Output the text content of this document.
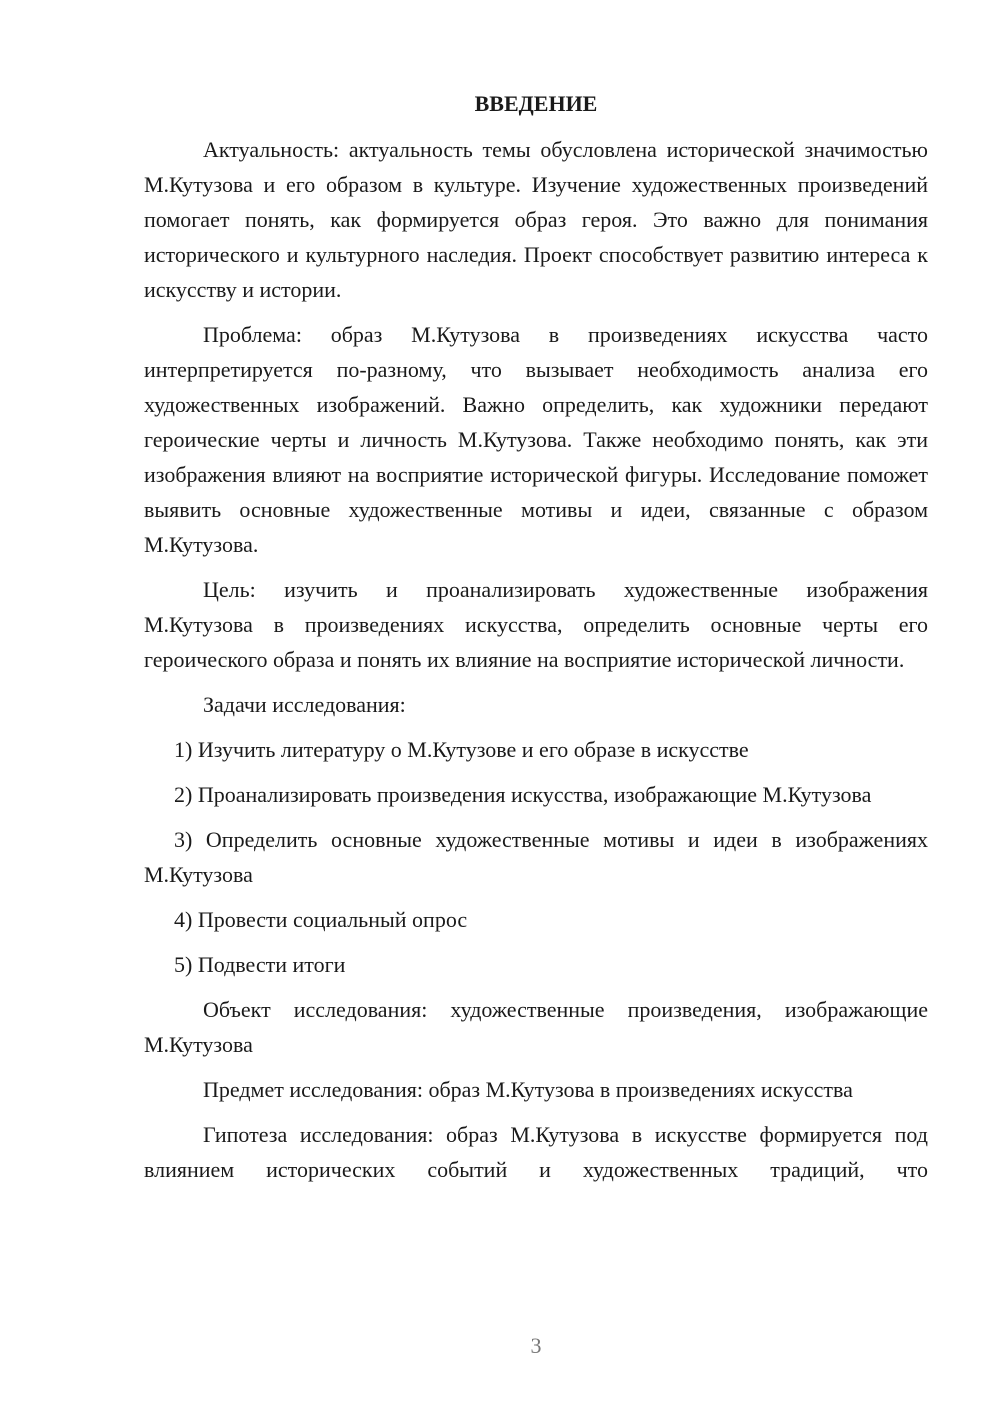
ВВЕДЕНИЕ

Актуальность: актуальность темы обусловлена исторической значимостью М.Кутузова и его образом в культуре. Изучение художественных произведений помогает понять, как формируется образ героя. Это важно для понимания исторического и культурного наследия. Проект способствует развитию интереса к искусству и истории.

Проблема: образ М.Кутузова в произведениях искусства часто интерпретируется по-разному, что вызывает необходимость анализа его художественных изображений. Важно определить, как художники передают героические черты и личность М.Кутузова. Также необходимо понять, как эти изображения влияют на восприятие исторической фигуры. Исследование поможет выявить основные художественные мотивы и идеи, связанные с образом М.Кутузова.

Цель: изучить и проанализировать художественные изображения М.Кутузова в произведениях искусства, определить основные черты его героического образа и понять их влияние на восприятие исторической личности.

Задачи исследования:

1) Изучить литературу о М.Кутузове и его образе в искусстве

2) Проанализировать произведения искусства, изображающие М.Кутузова

3) Определить основные художественные мотивы и идеи в изображениях М.Кутузова

4) Провести социальный опрос

5) Подвести итоги

Объект исследования: художественные произведения, изображающие М.Кутузова

Предмет исследования: образ М.Кутузова в произведениях искусства

Гипотеза исследования: образ М.Кутузова в искусстве формируется под влиянием исторических событий и художественных традиций, что

3
